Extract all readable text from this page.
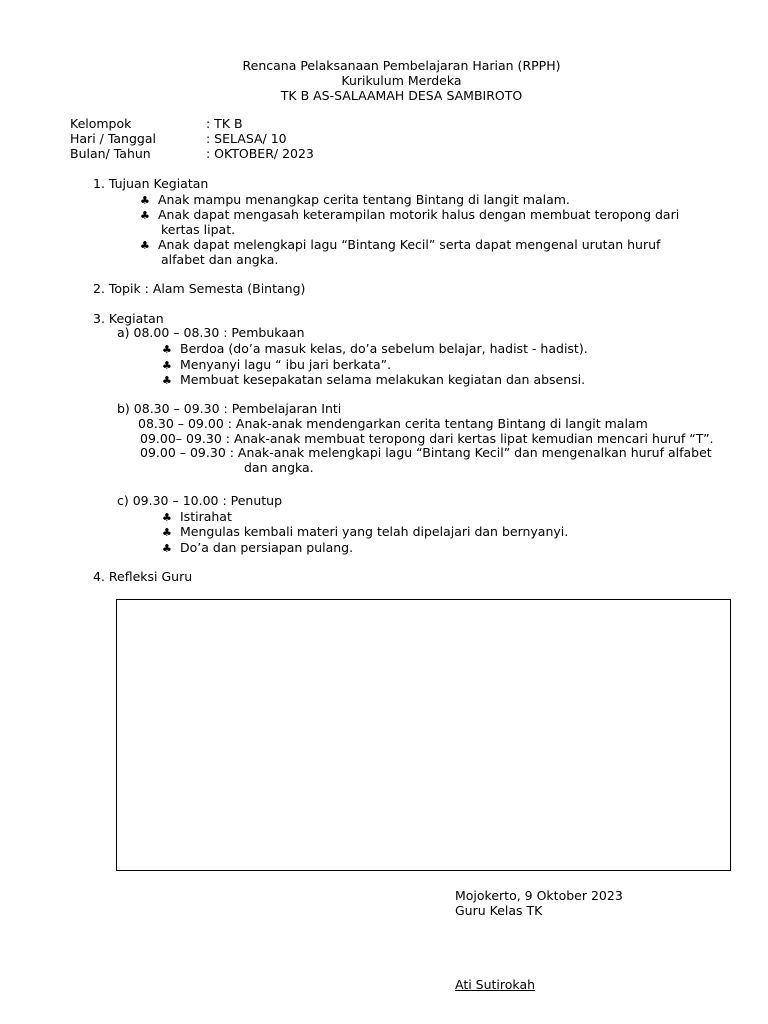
Rencana Pelaksanaan Pembelajaran Harian (RPPH)
Kurikulum Merdeka
TK B AS-SALAAMAH DESA SAMBIROTO
Kelompok	: TK B
Hari / Tanggal	: SELASA/ 10
Bulan/ Tahun	: OKTOBER/ 2023
1. Tujuan Kegiatan
♣ Anak mampu menangkap cerita tentang Bintang di langit malam.
♣ Anak dapat mengasah keterampilan motorik halus dengan membuat teropong dari
kertas lipat.
♣ Anak dapat melengkapi lagu “Bintang Kecil” serta dapat mengenal urutan huruf
alfabet dan angka.
2. Topik : Alam Semesta (Bintang)
3. Kegiatan
a) 08.00 – 08.30 : Pembukaan
♣ Berdoa (do’a masuk kelas, do’a sebelum belajar, hadist - hadist).
♣ Menyanyi lagu “ ibu jari berkata”.
♣ Membuat kesepakatan selama melakukan kegiatan dan absensi.
b) 08.30 – 09.30 : Pembelajaran Inti
08.30 – 09.00 : Anak-anak mendengarkan cerita tentang Bintang di langit malam
09.00– 09.30 : Anak-anak membuat teropong dari kertas lipat kemudian mencari huruf “T”.
09.00 – 09.30 : Anak-anak melengkapi lagu “Bintang Kecil” dan mengenalkan huruf alfabet
dan angka.
c) 09.30 – 10.00 : Penutup
♣ Istirahat
♣ Mengulas kembali materi yang telah dipelajari dan bernyanyi.
♣ Do’a dan persiapan pulang.
4. Refleksi Guru
Mojokerto, 9 Oktober 2023
Guru Kelas TK
Ati Sutirokah
